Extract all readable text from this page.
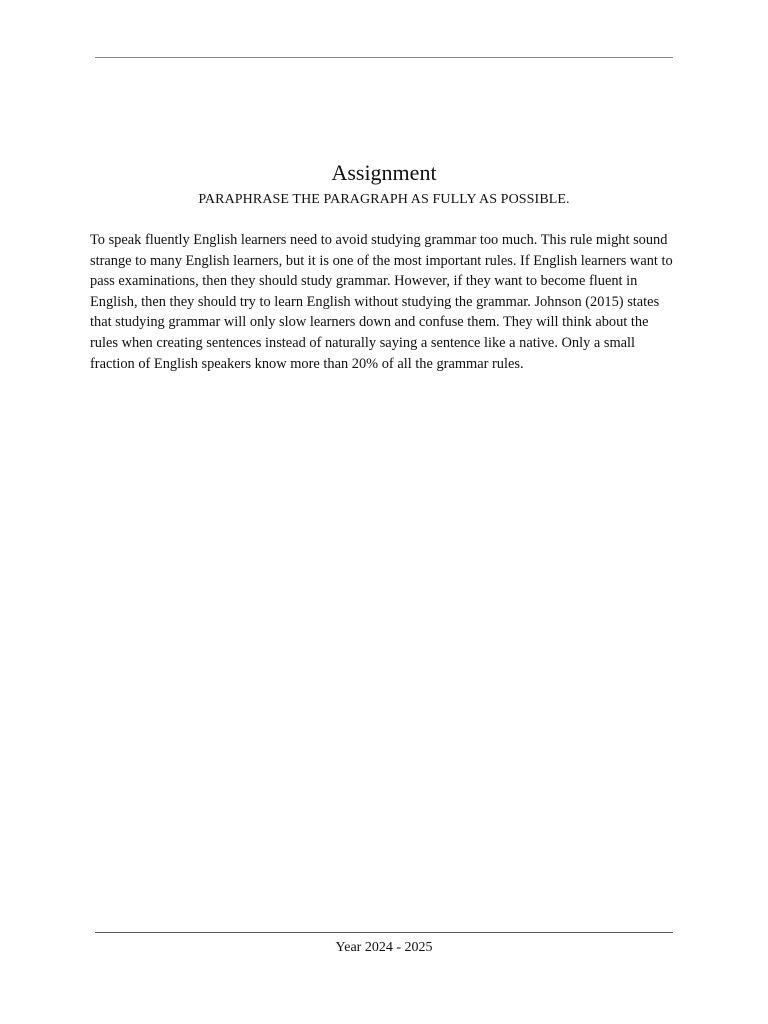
Assignment
PARAPHRASE THE PARAGRAPH AS FULLY AS POSSIBLE.

To speak fluently English learners need to avoid studying grammar too much. This rule might sound strange to many English learners, but it is one of the most important rules. If English learners want to pass examinations, then they should study grammar. However, if they want to become fluent in English, then they should try to learn English without studying the grammar. Johnson (2015) states that studying grammar will only slow learners down and confuse them. They will think about the rules when creating sentences instead of naturally saying a sentence like a native. Only a small fraction of English speakers know more than 20% of all the grammar rules.

Year 2024 - 2025
